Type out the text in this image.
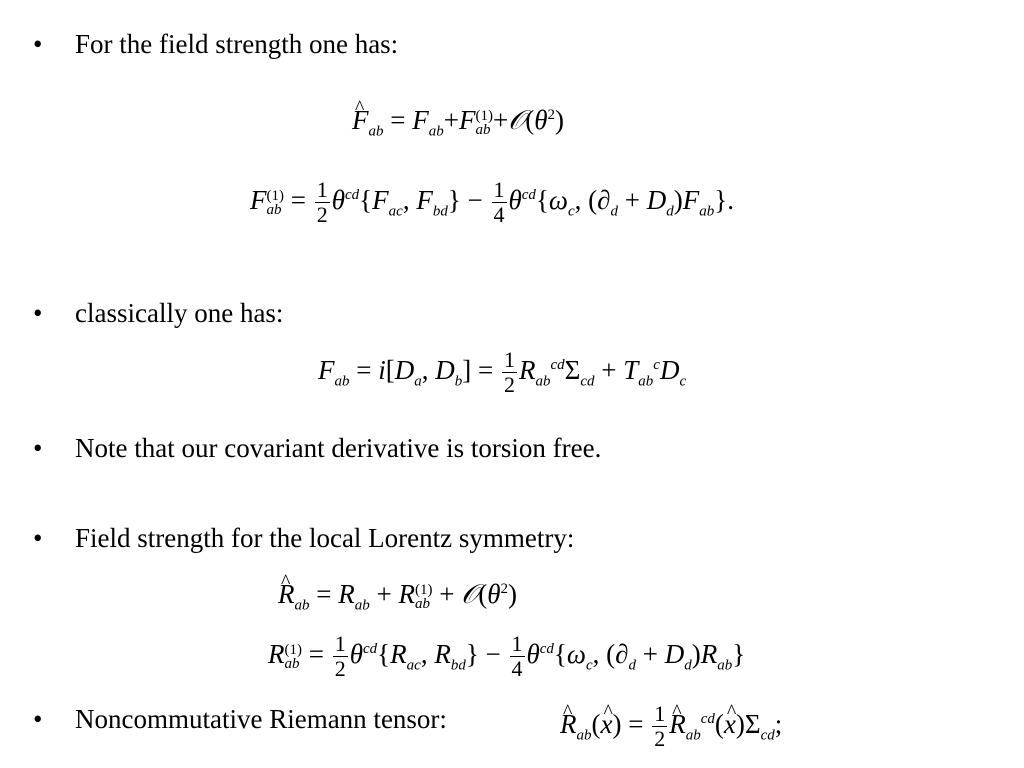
• For the field strength one has:
^ $F_{ab} = F_{ab}+F$ (1)
ab $+𝒪(\theta^2)$
F (1)
ab = $\frac{1}{2} \theta^{cd}\{F_{ac}$, $F_{bd}\} - \frac{1}{4} \theta^{cd}\{\omega_c$, $(\partial_d + D_d)F_{ab}$}.
• classically one has:
$F_{ab} = i[D_a$, $D_b] = \frac{1}{2} R_{ab}^{cd}\Sigma_{cd} + T_{ab}^cD_c$
• Note that our covariant derivative is torsion free.
• Field strength for the local Lorentz symmetry:
^ $R_{ab} = R_{ab} + R$ (1)
ab + $𝒪(\theta^2)$
R (1)
ab = $\frac{1}{2} \theta^{cd}\{R_{ac}$, $R_{bd}\} - \frac{1}{4} \theta^{cd}\{\omega_c$, $(\partial_d + D_d)R_{ab}$}
• Noncommutative Riemann tensor:	^ $R_{ab}(\^{}$ $x) = \frac{1}{2}$ ^ $R_{ab}^{cd}(\^{}$ $x)\Sigma_{cd}$;
